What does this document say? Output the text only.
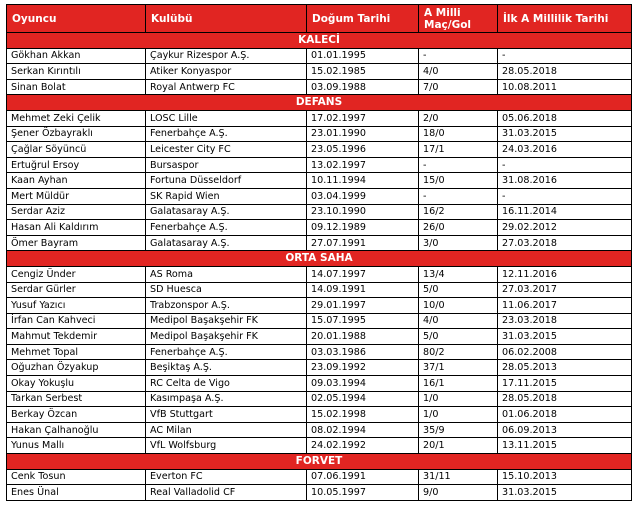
Oyuncu	Kulübü	Doğum Tarihi	A Milli Maç/Gol	İlk A Millilik Tarihi
KALECİ				
Gökhan Akkan	Çaykur Rizespor A.Ş.	01.01.1995	-	-
Serkan Kırıntılı	Atiker Konyaspor	15.02.1985	4/0	28.05.2018
Sinan Bolat	Royal Antwerp FC	03.09.1988	7/0	10.08.2011
DEFANS				
Mehmet Zeki Çelik	LOSC Lille	17.02.1997	2/0	05.06.2018
Şener Özbayraklı	Fenerbahçe A.Ş.	23.01.1990	18/0	31.03.2015
Çağlar Söyüncü	Leicester City FC	23.05.1996	17/1	24.03.2016
Ertuğrul Ersoy	Bursaspor	13.02.1997	-	-
Kaan Ayhan	Fortuna Düsseldorf	10.11.1994	15/0	31.08.2016
Mert Müldür	SK Rapid Wien	03.04.1999	-	-
Serdar Aziz	Galatasaray A.Ş.	23.10.1990	16/2	16.11.2014
Hasan Ali Kaldırım	Fenerbahçe A.Ş.	09.12.1989	26/0	29.02.2012
Ömer Bayram	Galatasaray A.Ş.	27.07.1991	3/0	27.03.2018
ORTA SAHA				
Cengiz Ünder	AS Roma	14.07.1997	13/4	12.11.2016
Serdar Gürler	SD Huesca	14.09.1991	5/0	27.03.2017
Yusuf Yazıcı	Trabzonspor A.Ş.	29.01.1997	10/0	11.06.2017
İrfan Can Kahveci	Medipol Başakşehir FK	15.07.1995	4/0	23.03.2018
Mahmut Tekdemir	Medipol Başakşehir FK	20.01.1988	5/0	31.03.2015
Mehmet Topal	Fenerbahçe A.Ş.	03.03.1986	80/2	06.02.2008
Oğuzhan Özyakup	Beşiktaş A.Ş.	23.09.1992	37/1	28.05.2013
Okay Yokuşlu	RC Celta de Vigo	09.03.1994	16/1	17.11.2015
Tarkan Serbest	Kasımpaşa A.Ş.	02.05.1994	1/0	28.05.2018
Berkay Özcan	VfB Stuttgart	15.02.1998	1/0	01.06.2018
Hakan Çalhanoğlu	AC Milan	08.02.1994	35/9	06.09.2013
Yunus Mallı	VfL Wolfsburg	24.02.1992	20/1	13.11.2015
FORVET				
Cenk Tosun	Everton FC	07.06.1991	31/11	15.10.2013
Enes Ünal	Real Valladolid CF	10.05.1997	9/0	31.03.2015
